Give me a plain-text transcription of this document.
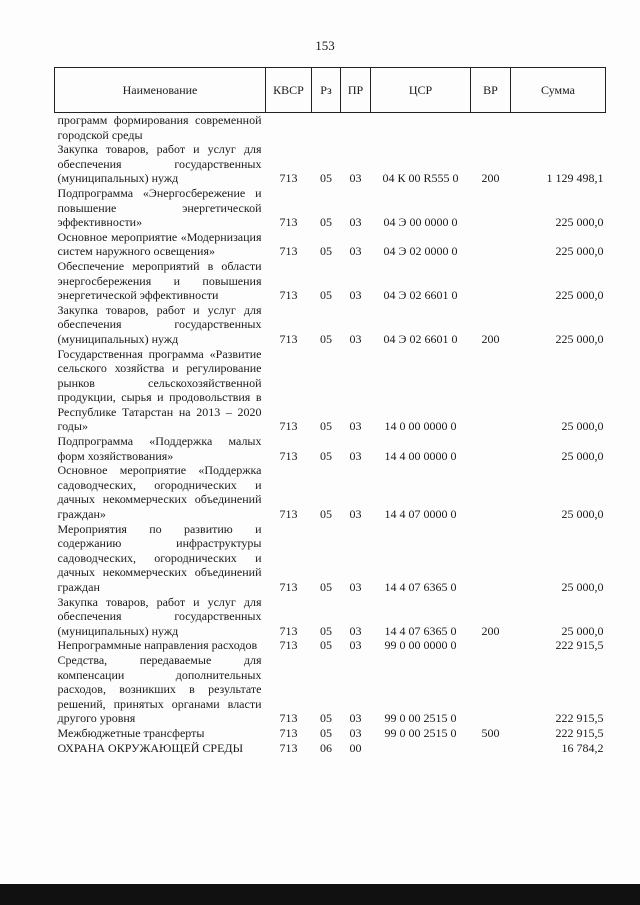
153
Наименование	КВСР	Рз	ПР	ЦСР	ВР	Сумма
программ формирования современной городской среды						
Закупка товаров, работ и услуг для обеспечения государственных (муниципальных) нужд	713	05	03	04 К 00 R555 0	200	1 129 498,1
Подпрограмма «Энергосбережение и повышение энергетической эффективности»	713	05	03	04 Э 00 0000 0		225 000,0
Основное мероприятие «Модернизация систем наружного освещения»	713	05	03	04 Э 02 0000 0		225 000,0
Обеспечение мероприятий в области энергосбережения и повышения энергетической эффективности	713	05	03	04 Э 02 6601 0		225 000,0
Закупка товаров, работ и услуг для обеспечения государственных (муниципальных) нужд	713	05	03	04 Э 02 6601 0	200	225 000,0
Государственная программа «Развитие сельского хозяйства и регулирование рынков сельскохозяйственной продукции, сырья и продовольствия в Республике Татарстан на 2013 – 2020 годы»	713	05	03	14 0 00 0000 0		25 000,0
Подпрограмма «Поддержка малых форм хозяйствования»	713	05	03	14 4 00 0000 0		25 000,0
Основное мероприятие «Поддержка садоводческих, огороднических и дачных некоммерческих объединений граждан»	713	05	03	14 4 07 0000 0		25 000,0
Мероприятия по развитию и содержанию инфраструктуры садоводческих, огороднических и дачных некоммерческих объединений граждан	713	05	03	14 4 07 6365 0		25 000,0
Закупка товаров, работ и услуг для обеспечения государственных (муниципальных) нужд	713	05	03	14 4 07 6365 0	200	25 000,0
Непрограммные направления расходов	713	05	03	99 0 00 0000 0		222 915,5
Средства, передаваемые для компенсации дополнительных расходов, возникших в результате решений, принятых органами власти другого уровня	713	05	03	99 0 00 2515 0		222 915,5
Межбюджетные трансферты	713	05	03	99 0 00 2515 0	500	222 915,5
ОХРАНА ОКРУЖАЮЩЕЙ СРЕДЫ	713	06	00			16 784,2
